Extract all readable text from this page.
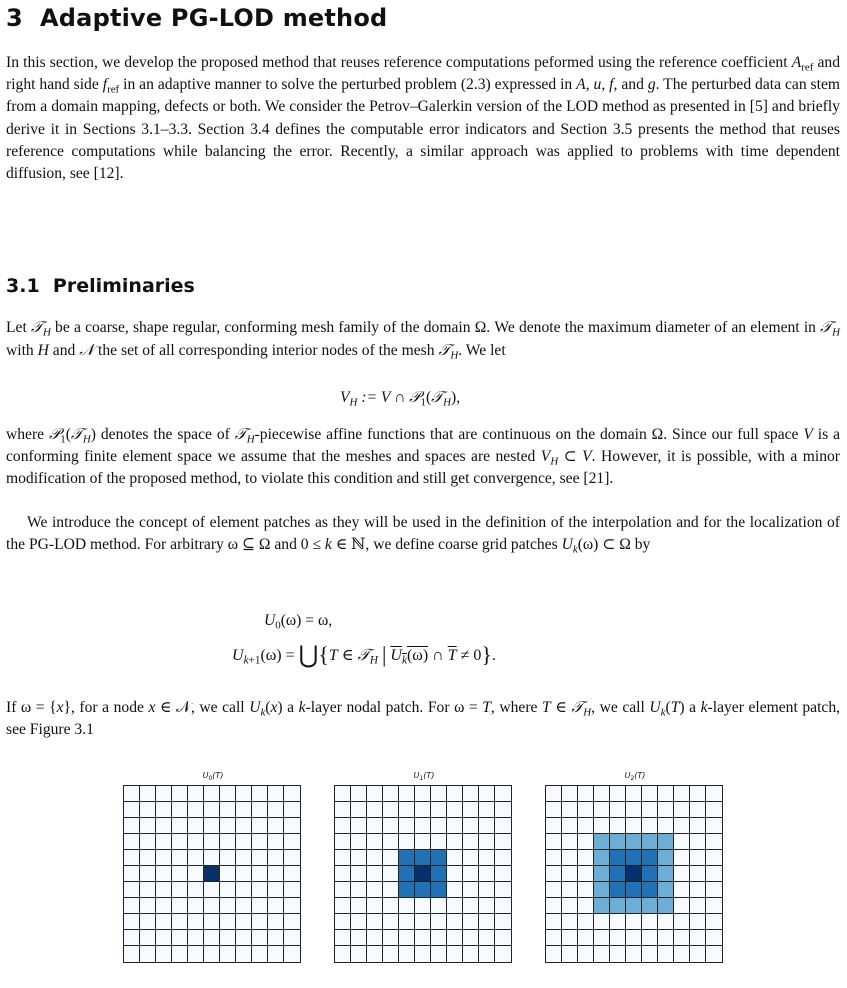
3 Adaptive PG-LOD method

In this section, we develop the proposed method that reuses reference computations peformed using the reference coefficient $A_{ref}$ and right hand side $f_{ref}$ in an adaptive manner to solve the perturbed problem (2.3) expressed in A, u, f, and g. The perturbed data can stem from a domain mapping, defects or both. We consider the Petrov–Galerkin version of the LOD method as presented in [5] and briefly derive it in Sections 3.1–3.3. Section 3.4 defines the computable error indicators and Section 3.5 presents the method that reuses reference computations while balancing the error. Recently, a similar approach was applied to problems with time dependent diffusion, see [12].

3.1 Preliminaries

Let 𝒯$_H$ be a coarse, shape regular, conforming mesh family of the domain Ω. We denote the maximum diameter of an element in 𝒯$_H$ with H and 𝒩 the set of all corresponding interior nodes of the mesh 𝒯$_H$. We let

$V_H$ := V ∩ 𝒫$_1$(𝒯$_H$),

where 𝒫$_1$(𝒯$_H$) denotes the space of 𝒯$_H$-piecewise affine functions that are continuous on the domain Ω. Since our full space V is a conforming finite element space we assume that the meshes and spaces are nested $V_H$ ⊂ V. However, it is possible, with a minor modification of the proposed method, to violate this condition and still get convergence, see [21].

We introduce the concept of element patches as they will be used in the definition of the interpolation and for the localization of the PG-LOD method. For arbitrary ω ⊆ Ω and 0 ≤ k ∈ ℕ, we define coarse grid patches $U_k(\omega)$ ⊂ Ω by

$U_0(\omega) = \omega$,
$U_{k+1}(\omega)$ = ⋃{T ∈ 𝒯$_H$ | $U_k(\omega)$ ∩ $\overline{T} \ne 0$}.

If ω = {x}, for a node x ∈ 𝒩, we call $U_k(x)$ a k-layer nodal patch. For ω = T, where T ∈ 𝒯$_H$, we call $U_k(T)$ a k-layer element patch, see Figure 3.1

$U_0(T)$	$U_1(T)$	$U_2(T)$
